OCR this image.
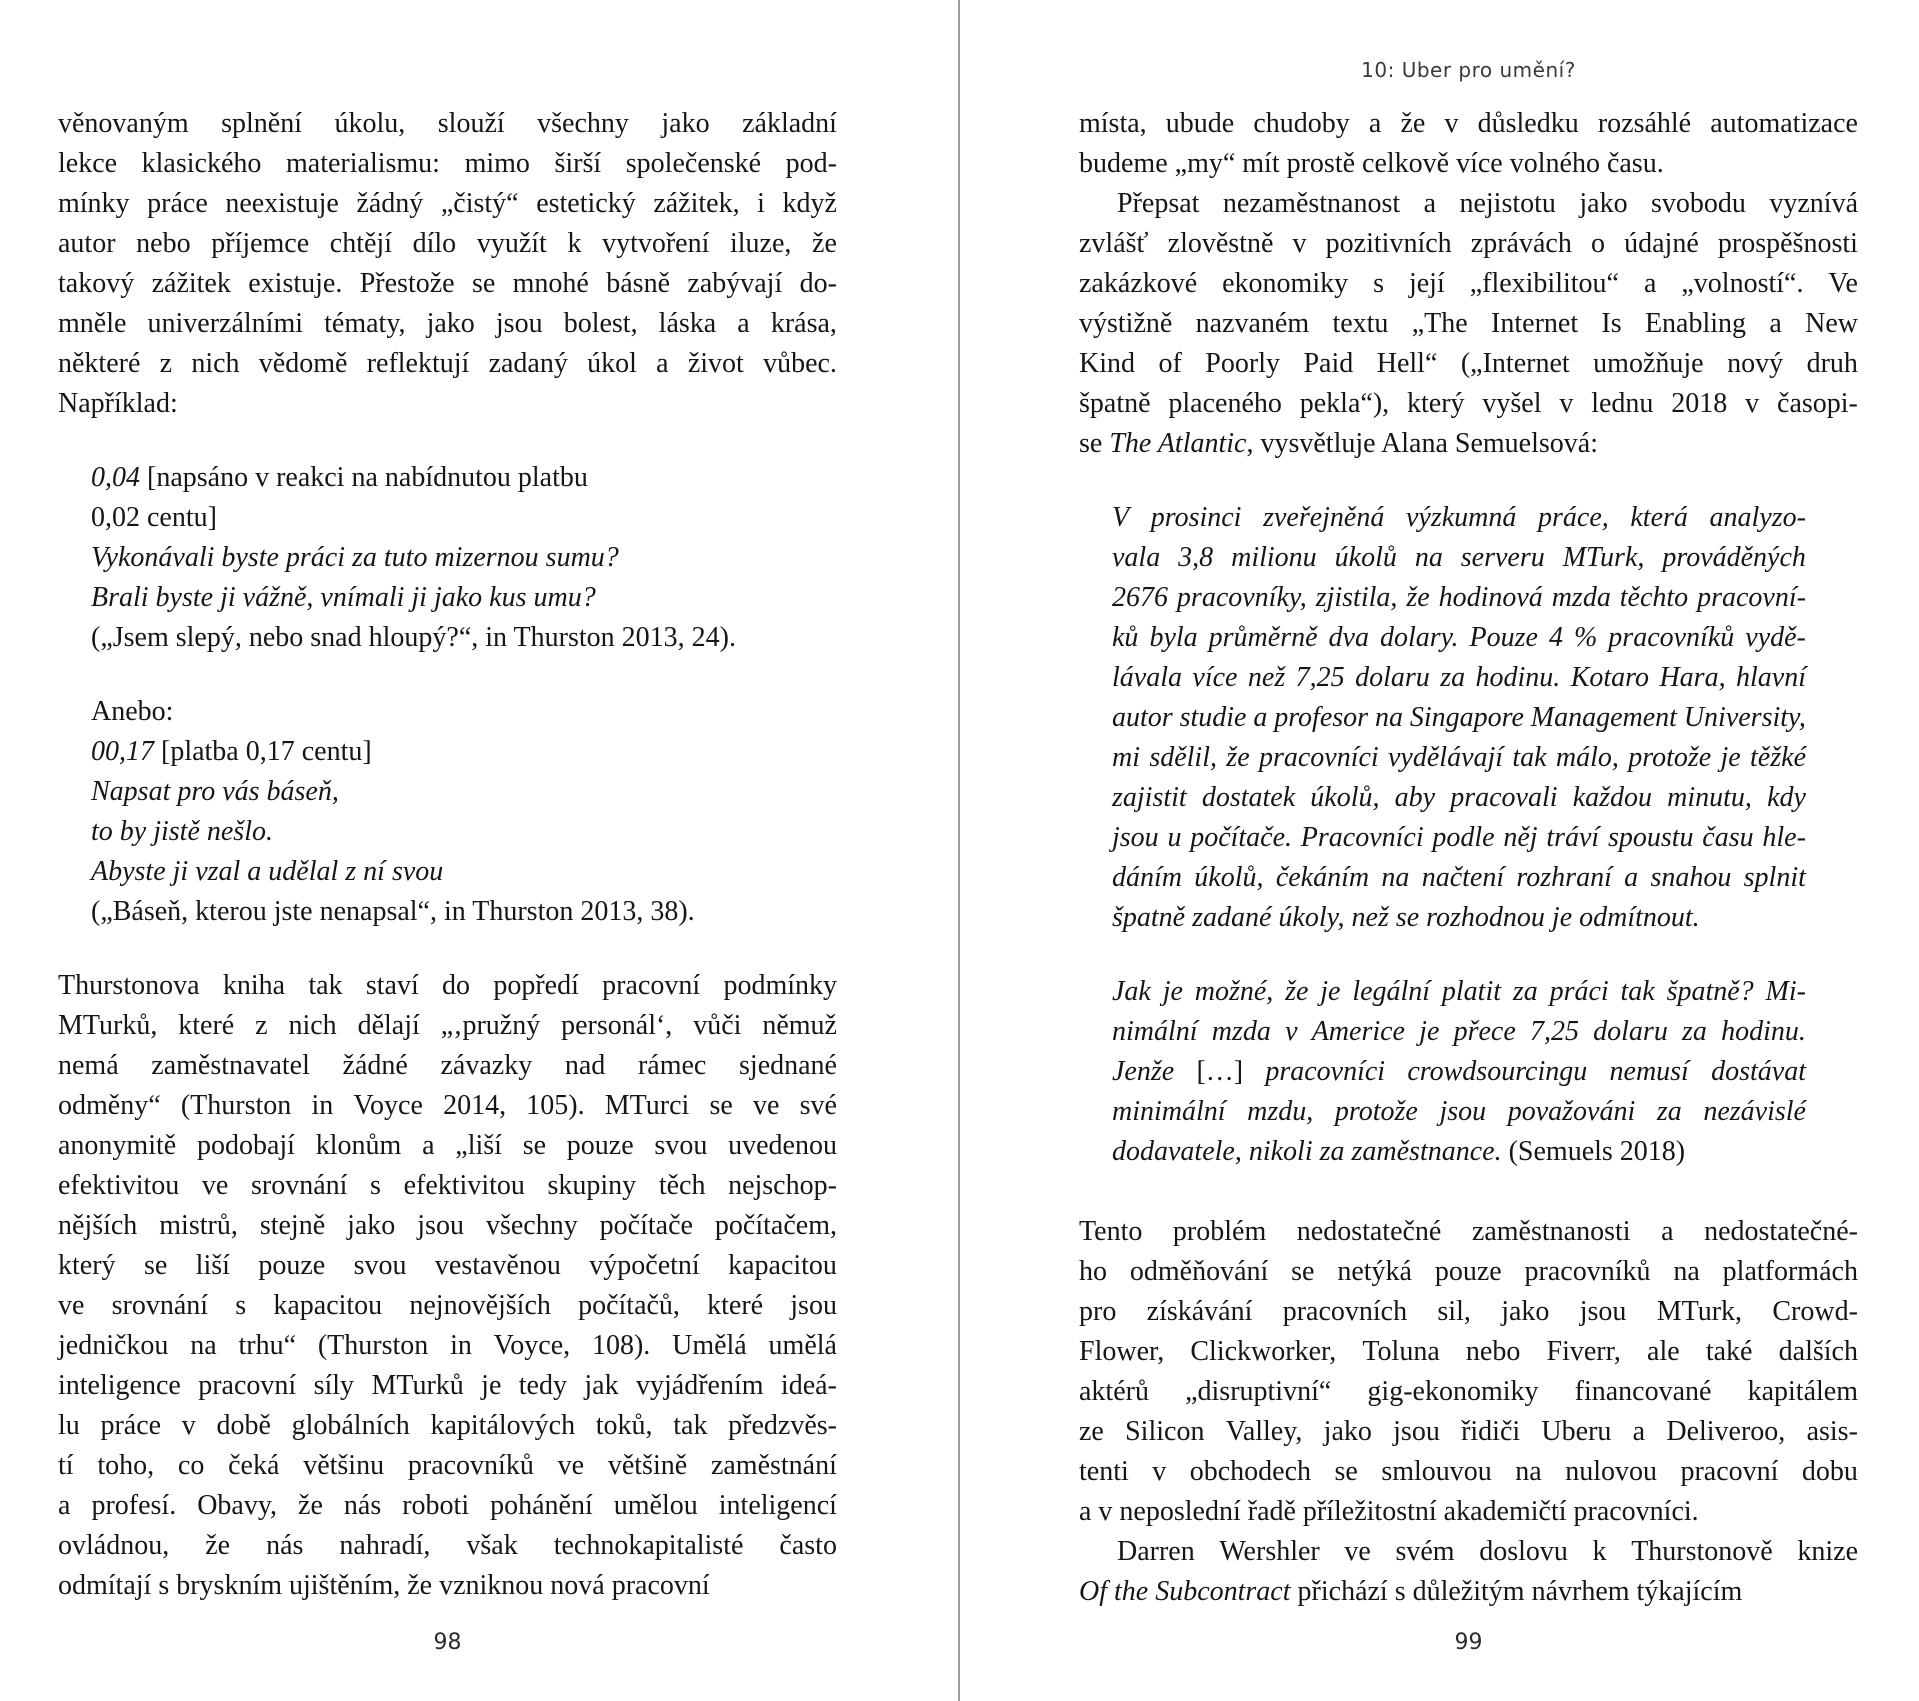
věnovaným splnění úkolu, slouží všechny jako základní
lekce klasického materialismu: mimo širší společenské pod-
mínky práce neexistuje žádný „čistý“ estetický zážitek, i když
autor nebo příjemce chtějí dílo využít k vytvoření iluze, že
takový zážitek existuje. Přestože se mnohé básně zabývají do-
mněle univerzálními tématy, jako jsou bolest, láska a krása,
některé z nich vědomě reflektují zadaný úkol a život vůbec.
Například:
0,04 [napsáno v reakci na nabídnutou platbu
0,02 centu]
Vykonávali byste práci za tuto mizernou sumu?
Brali byste ji vážně, vnímali ji jako kus umu?
(„Jsem slepý, nebo snad hloupý?“, in Thurston 2013, 24).
Anebo:
00,17 [platba 0,17 centu]
Napsat pro vás báseň,
to by jistě nešlo.
Abyste ji vzal a udělal z ní svou
(„Báseň, kterou jste nenapsal“, in Thurston 2013, 38).
Thurstonova kniha tak staví do popředí pracovní podmínky
MTurků, které z nich dělají „‚pružný personál‘, vůči němuž
nemá zaměstnavatel žádné závazky nad rámec sjednané
odměny“ (Thurston in Voyce 2014, 105). MTurci se ve své
anonymitě podobají klonům a „liší se pouze svou uvedenou
efektivitou ve srovnání s efektivitou skupiny těch nejschop-
nějších mistrů, stejně jako jsou všechny počítače počítačem,
který se liší pouze svou vestavěnou výpočetní kapacitou
ve srovnání s kapacitou nejnovějších počítačů, které jsou
jedničkou na trhu“ (Thurston in Voyce, 108). Umělá umělá
inteligence pracovní síly MTurků je tedy jak vyjádřením ideá-
lu práce v době globálních kapitálových toků, tak předzvěs-
tí toho, co čeká většinu pracovníků ve většině zaměstnání
a profesí. Obavy, že nás roboti pohánění umělou inteligencí
ovládnou, že nás nahradí, však technokapitalisté často
odmítají s bryskním ujištěním, že vzniknou nová pracovní
98
10: Uber pro umění?
místa, ubude chudoby a že v důsledku rozsáhlé automatizace
budeme „my“ mít prostě celkově více volného času.
Přepsat nezaměstnanost a nejistotu jako svobodu vyznívá
zvlášť zlověstně v pozitivních zprávách o údajné prospěšnosti
zakázkové ekonomiky s její „flexibilitou“ a „volností“. Ve
výstižně nazvaném textu „The Internet Is Enabling a New
Kind of Poorly Paid Hell“ („Internet umožňuje nový druh
špatně placeného pekla“), který vyšel v lednu 2018 v časopi-
se The Atlantic, vysvětluje Alana Semuelsová:
V prosinci zveřejněná výzkumná práce, která analyzo-
vala 3,8 milionu úkolů na serveru MTurk, prováděných
2676 pracovníky, zjistila, že hodinová mzda těchto pracovní-
ků byla průměrně dva dolary. Pouze 4 % pracovníků vydě-
lávala více než 7,25 dolaru za hodinu. Kotaro Hara, hlavní
autor studie a profesor na Singapore Management University,
mi sdělil, že pracovníci vydělávají tak málo, protože je těžké
zajistit dostatek úkolů, aby pracovali každou minutu, kdy
jsou u počítače. Pracovníci podle něj tráví spoustu času hle-
dáním úkolů, čekáním na načtení rozhraní a snahou splnit
špatně zadané úkoly, než se rozhodnou je odmítnout.
Jak je možné, že je legální platit za práci tak špatně? Mi-
nimální mzda v Americe je přece 7,25 dolaru za hodinu.
Jenže […] pracovníci crowdsourcingu nemusí dostávat
minimální mzdu, protože jsou považováni za nezávislé
dodavatele, nikoli za zaměstnance. (Semuels 2018)
Tento problém nedostatečné zaměstnanosti a nedostatečné-
ho odměňování se netýká pouze pracovníků na platformách
pro získávání pracovních sil, jako jsou MTurk, Crowd-
Flower, Clickworker, Toluna nebo Fiverr, ale také dalších
aktérů „disruptivní“ gig-ekonomiky financované kapitálem
ze Silicon Valley, jako jsou řidiči Uberu a Deliveroo, asis-
tenti v obchodech se smlouvou na nulovou pracovní dobu
a v neposlední řadě příležitostní akademičtí pracovníci.
Darren Wershler ve svém doslovu k Thurstonově knize
Of the Subcontract přichází s důležitým návrhem týkajícím
99
